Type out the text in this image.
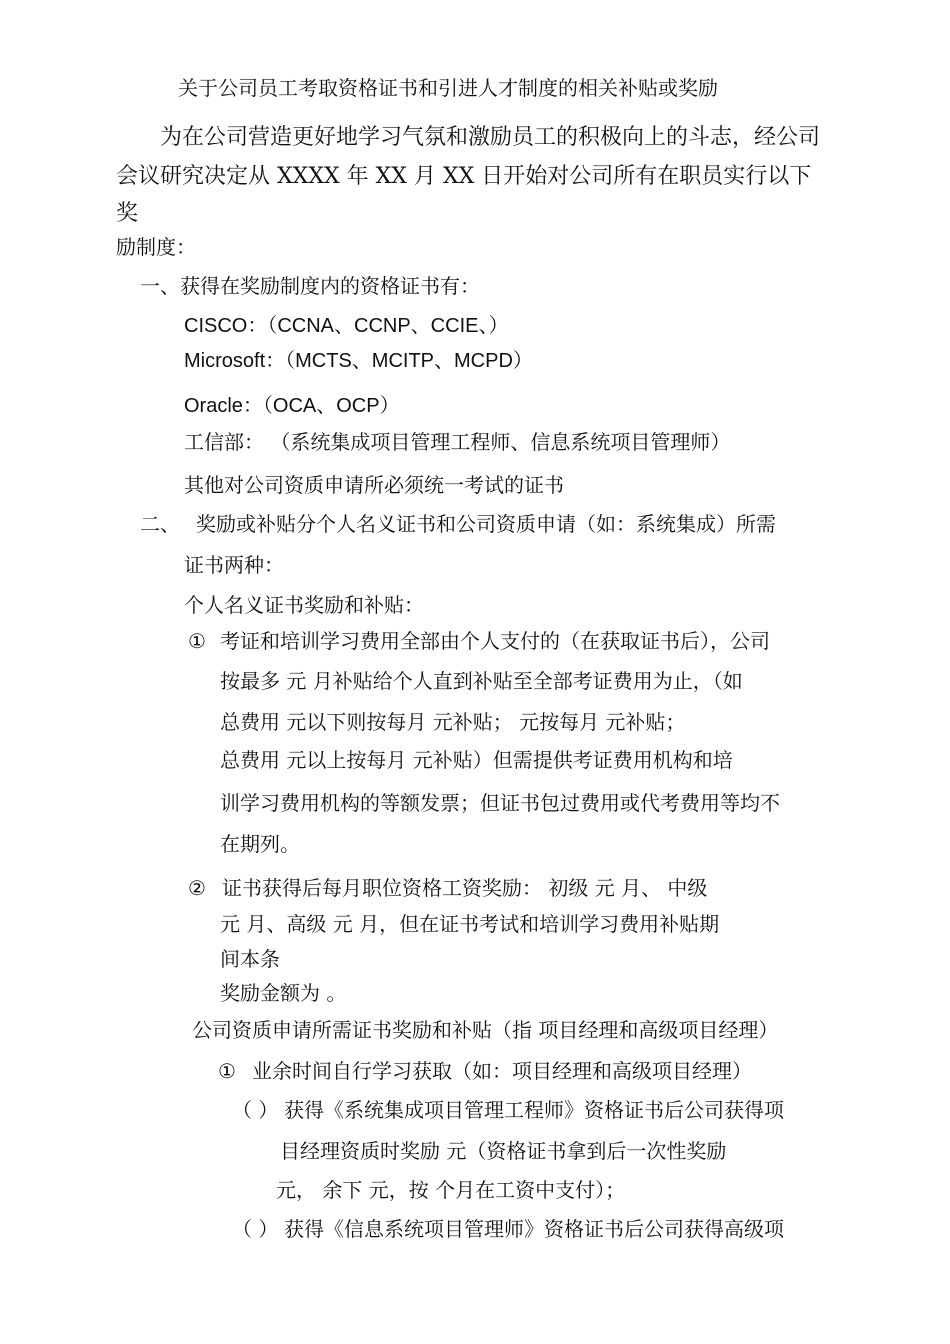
关于公司员工考取资格证书和引进人才制度的相关补贴或奖励
为在公司营造更好地学习气氛和激励员工的积极向上的斗志，经公司
会议研究决定从 XXXX 年 XX 月 XX 日开始对公司所有在职员实行以下
奖
励制度：
一、获得在奖励制度内的资格证书有：
CISCO：（CCNA、CCNP、CCIE、）
Microsoft：（MCTS、MCITP、MCPD）
Oracle：（OCA、OCP）
工信部： （系统集成项目管理工程师、信息系统项目管理师）
其他对公司资质申请所必须统一考试的证书
二、 奖励或补贴分个人名义证书和公司资质申请（如：系统集成）所需
证书两种：
个人名义证书奖励和补贴：
① 考证和培训学习费用全部由个人支付的（在获取证书后），公司
按最多 元 月补贴给个人直到补贴至全部考证费用为止，（如
总费用 元以下则按每月 元补贴； 元按每月 元补贴；
总费用 元以上按每月 元补贴）但需提供考证费用机构和培
训学习费用机构的等额发票；但证书包过费用或代考费用等均不
在期列。
② 证书获得后每月职位资格工资奖励： 初级 元 月、 中级
元 月、高级 元 月，但在证书考试和培训学习费用补贴期
间本条
奖励金额为 。
公司资质申请所需证书奖励和补贴（指 项目经理和高级项目经理）
① 业余时间自行学习获取（如：项目经理和高级项目经理）
（ ） 获得《系统集成项目管理工程师》资格证书后公司获得项
目经理资质时奖励 元（资格证书拿到后一次性奖励
元， 余下 元，按 个月在工资中支付）；
（ ） 获得《信息系统项目管理师》资格证书后公司获得高级项
